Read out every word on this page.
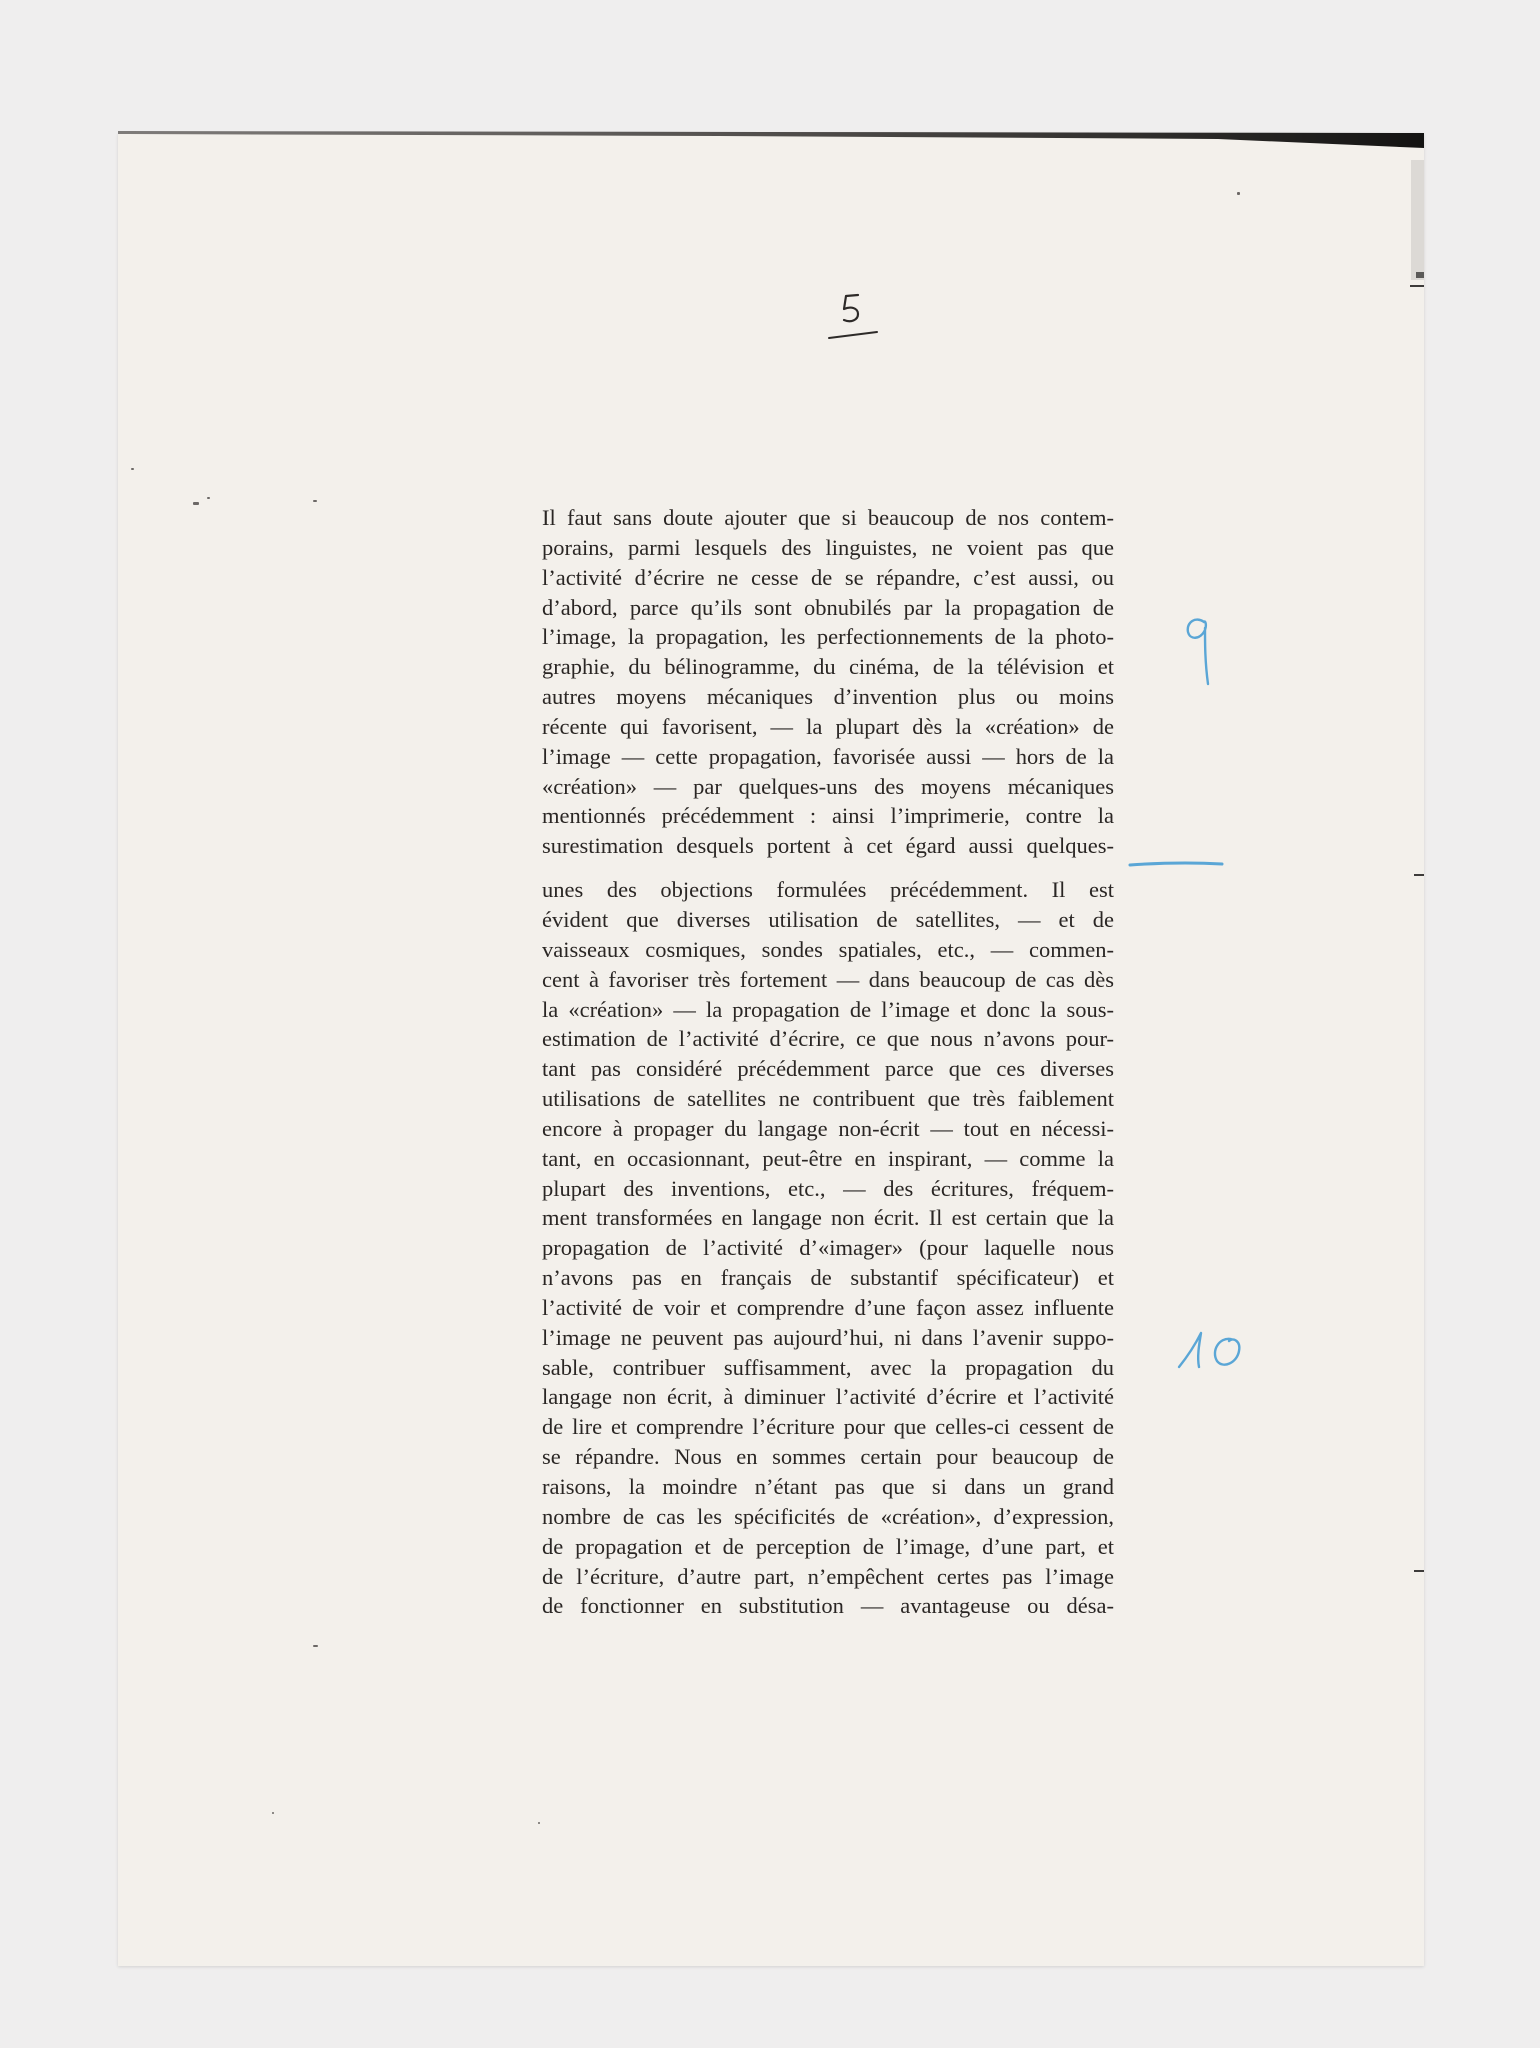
Il faut sans doute ajouter que si beaucoup de nos contem-
porains, parmi lesquels des linguistes, ne voient pas que
l’activité d’écrire ne cesse de se répandre, c’est aussi, ou
d’abord, parce qu’ils sont obnubilés par la propagation de
l’image, la propagation, les perfectionnements de la photo-
graphie, du bélinogramme, du cinéma, de la télévision et
autres moyens mécaniques d’invention plus ou moins
récente qui favorisent, — la plupart dès la «création» de
l’image — cette propagation, favorisée aussi — hors de la
«création» — par quelques-uns des moyens mécaniques
mentionnés précédemment : ainsi l’imprimerie, contre la
surestimation desquels portent à cet égard aussi quelques-
unes des objections formulées précédemment. Il est
évident que diverses utilisation de satellites, — et de
vaisseaux cosmiques, sondes spatiales, etc., — commen-
cent à favoriser très fortement — dans beaucoup de cas dès
la «création» — la propagation de l’image et donc la sous-
estimation de l’activité d’écrire, ce que nous n’avons pour-
tant pas considéré précédemment parce que ces diverses
utilisations de satellites ne contribuent que très faiblement
encore à propager du langage non-écrit — tout en nécessi-
tant, en occasionnant, peut-être en inspirant, — comme la
plupart des inventions, etc., — des écritures, fréquem-
ment transformées en langage non écrit. Il est certain que la
propagation de l’activité d’«imager» (pour laquelle nous
n’avons pas en français de substantif spécificateur) et
l’activité de voir et comprendre d’une façon assez influente
l’image ne peuvent pas aujourd’hui, ni dans l’avenir suppo-
sable, contribuer suffisamment, avec la propagation du
langage non écrit, à diminuer l’activité d’écrire et l’activité
de lire et comprendre l’écriture pour que celles-ci cessent de
se répandre. Nous en sommes certain pour beaucoup de
raisons, la moindre n’étant pas que si dans un grand
nombre de cas les spécificités de «création», d’expression,
de propagation et de perception de l’image, d’une part, et
de l’écriture, d’autre part, n’empêchent certes pas l’image
de fonctionner en substitution — avantageuse ou désa-
